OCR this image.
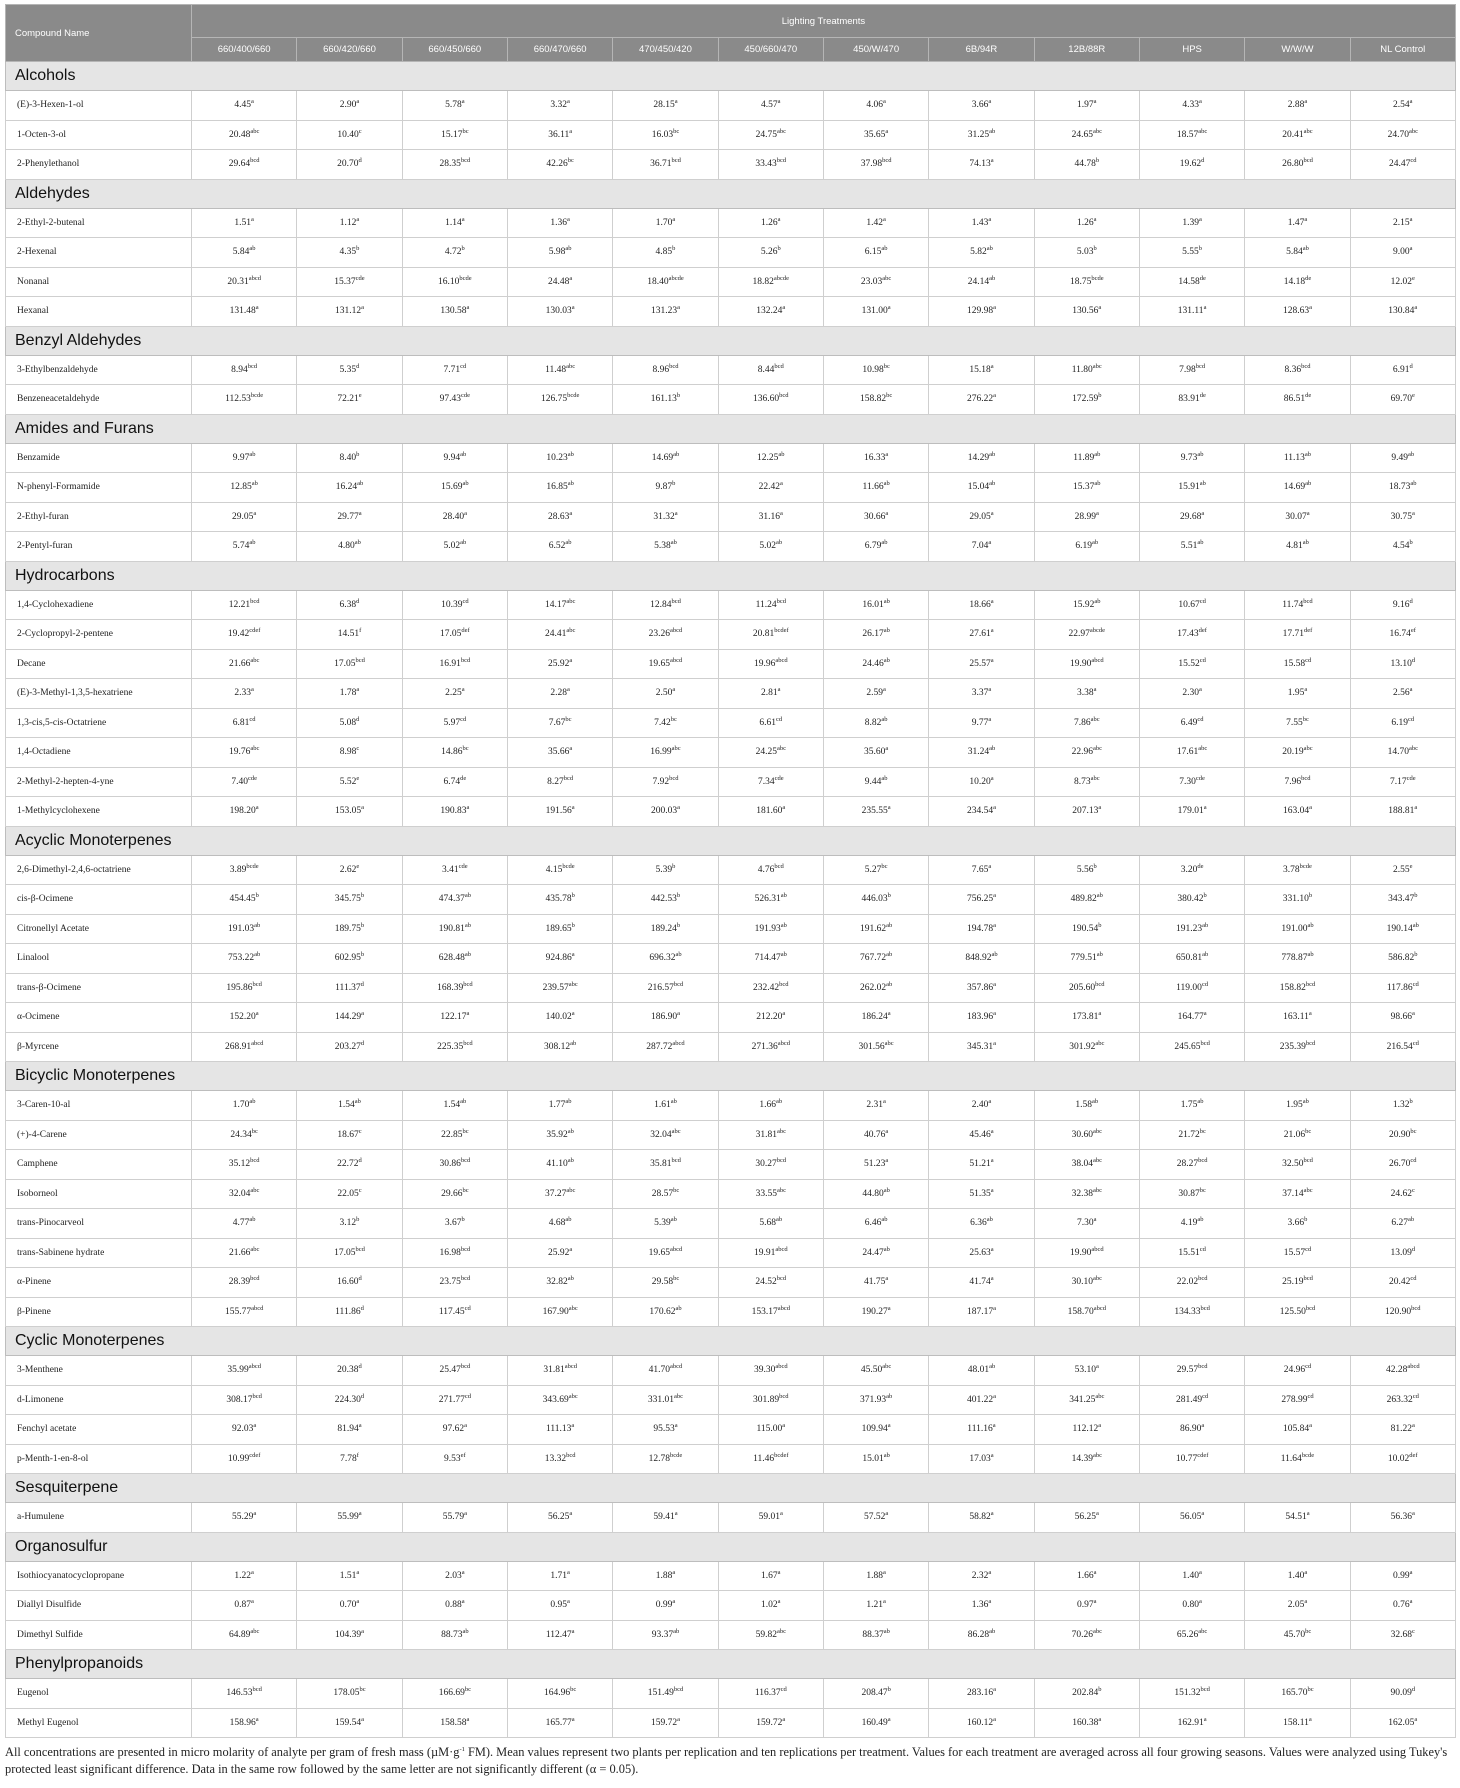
Compound Name	Lighting Treatments											
	660/400/660	660/420/660	660/450/660	660/470/660	470/450/420	450/660/470	450/W/470	6B/94R	12B/88R	HPS	W/W/W	NL Control
Alcohols												
(E)-3-Hexen-1-ol	4.45$^a$	2.90$^a$	5.78$^a$	3.32$^a$	28.15$^a$	4.57$^a$	4.06$^a$	3.66$^a$	1.97$^a$	4.33$^a$	2.88$^a$	2.54$^a$
1-Octen-3-ol	20.48$^{abc}$	10.40$^c$	15.17$^{bc}$	36.11$^a$	16.03$^{bc}$	24.75$^{abc}$	35.65$^a$	31.25$^{ab}$	24.65$^{abc}$	18.57$^{abc}$	20.41$^{abc}$	24.70$^{abc}$
2-Phenylethanol	29.64$^{bcd}$	20.70$^d$	28.35$^{bcd}$	42.26$^{bc}$	36.71$^{bcd}$	33.43$^{bcd}$	37.98$^{bcd}$	74.13$^a$	44.78$^b$	19.62$^d$	26.80$^{bcd}$	24.47$^{cd}$
Aldehydes												
2-Ethyl-2-butenal	1.51$^a$	1.12$^a$	1.14$^a$	1.36$^a$	1.70$^a$	1.26$^a$	1.42$^a$	1.43$^a$	1.26$^a$	1.39$^a$	1.47$^a$	2.15$^a$
2-Hexenal	5.84$^{ab}$	4.35$^b$	4.72$^b$	5.98$^{ab}$	4.85$^b$	5.26$^b$	6.15$^{ab}$	5.82$^{ab}$	5.03$^b$	5.55$^b$	5.84$^{ab}$	9.00$^a$
Nonanal	$20.31^{abcd}$	15.37$^{cde}$	$16.10^{bcde}$	24.48$^a$	$18.40^{abcde}$	$18.82^{abcde}$	23.03$^{abc}$	24.14$^{ab}$	$18.75^{bcde}$	14.58de	14.18de	12.02e
Hexanal	131.48$^a$	131.12$^a$	130.58$^a$	130.03$^a$	131.23$^a$	132.24$^a$	131.00$^a$	129.98$^a$	130.56$^a$	131.11$^a$	128.63$^a$	130.84$^a$
Benzyl Aldehydes												
3-Ethylbenzaldehyde	8.94$^{bcd}$	5.35$^d$	7.71$^{cd}$	11.48$^{abc}$	8.96$^{bcd}$	8.44$^{bcd}$	10.98$^{bc}$	15.18$^a$	11.80$^{abc}$	7.98$^{bcd}$	8.36$^{bcd}$	6.91$^d$
Benzeneacetaldehyde	$112.53^{bcde}$	72.21e	97.43$^{cde}$	$126.75^{bcde}$	161.13$^b$	136.60$^{bcd}$	158.82$^{bc}$	276.22$^a$	172.59$^b$	83.91de	86.51de	69.70e
Amides and Furans												
Benzamide	9.97$^{ab}$	8.40$^b$	9.94$^{ab}$	10.23$^{ab}$	14.69$^{ab}$	12.25$^{ab}$	16.33$^a$	14.29$^{ab}$	11.89$^{ab}$	9.73$^{ab}$	11.13$^{ab}$	9.49$^{ab}$
N-phenyl-Formamide	12.85$^{ab}$	16.24$^{ab}$	15.69$^{ab}$	16.85$^{ab}$	9.87$^b$	22.42$^a$	11.66$^{ab}$	15.04$^{ab}$	15.37$^{ab}$	15.91$^{ab}$	14.69$^{ab}$	18.73$^{ab}$
2-Ethyl-furan	29.05$^a$	29.77$^a$	28.40$^a$	28.63$^a$	31.32$^a$	31.16$^a$	30.66$^a$	29.05$^a$	28.99$^a$	29.68$^a$	30.07$^a$	30.75$^a$
2-Pentyl-furan	5.74$^{ab}$	4.80$^{ab}$	5.02$^{ab}$	6.52$^{ab}$	5.38$^{ab}$	5.02$^{ab}$	6.79$^{ab}$	7.04$^a$	6.19$^{ab}$	5.51$^{ab}$	4.81$^{ab}$	4.54$^b$
Hydrocarbons												
1,4-Cyclohexadiene	12.21$^{bcd}$	6.38$^d$	10.39$^{cd}$	14.17$^{abc}$	12.84$^{bcd}$	11.24$^{bcd}$	16.01$^{ab}$	18.66$^a$	15.92$^{ab}$	10.67$^{cd}$	11.74$^{bcd}$	9.16$^d$
2-Cyclopropyl-2-pentene	$19.42^{cdef}$	14.51$^f$	17.05$^{def}$	24.41$^{abc}$	$23.26^{abcd}$	$20.81^{bcdef}$	26.17$^{ab}$	27.61$^a$	$22.97^{abcde}$	17.43$^{def}$	17.71$^{def}$	16.74$^{ef}$
Decane	21.66$^{abc}$	17.05$^{bcd}$	16.91$^{bcd}$	25.92$^a$	$19.65^{abcd}$	$19.96^{abcd}$	24.46$^{ab}$	25.57$^a$	$19.90^{abcd}$	15.52$^{cd}$	15.58$^{cd}$	13.10$^d$
(E)-3-Methyl-1,3,5-hexatriene	2.33$^a$	1.78$^a$	2.25$^a$	2.28$^a$	2.50$^a$	2.81$^a$	2.59$^a$	3.37$^a$	3.38$^a$	2.30$^a$	1.95$^a$	2.56$^a$
1,3-cis,5-cis-Octatriene	6.81$^{cd}$	5.08$^d$	5.97$^{cd}$	7.67$^{bc}$	7.42$^{bc}$	6.61$^{cd}$	8.82$^{ab}$	9.77$^a$	7.86$^{abc}$	6.49$^{cd}$	7.55$^{bc}$	6.19$^{cd}$
1,4-Octadiene	19.76$^{abc}$	8.98$^c$	14.86$^{bc}$	35.66$^a$	16.99$^{abc}$	24.25$^{abc}$	35.60$^a$	31.24$^{ab}$	22.96$^{abc}$	17.61$^{abc}$	20.19$^{abc}$	14.70$^{abc}$
2-Methyl-2-hepten-4-yne	7.40$^{cde}$	5.52e	6.74de	8.27$^{bcd}$	7.92$^{bcd}$	7.34$^{cde}$	9.44$^{ab}$	10.20$^a$	8.73$^{abc}$	7.30$^{cde}$	7.96$^{bcd}$	7.17$^{cde}$
1-Methylcyclohexene	198.20$^a$	153.05$^a$	190.83$^a$	191.56$^a$	200.03$^a$	181.60$^a$	235.55$^a$	234.54$^a$	207.13$^a$	179.01$^a$	163.04$^a$	188.81$^a$
Acyclic Monoterpenes												
2,6-Dimethyl-2,4,6-octatriene	$3.89^{bcde}$	2.62e	3.41$^{cde}$	$4.15^{bcde}$	5.39$^b$	4.76$^{bcd}$	5.27$^{bc}$	7.65$^a$	5.56$^b$	3.20de	$3.78^{bcde}$	2.55e
cis-β-Ocimene	454.45$^b$	345.75$^b$	474.37$^{ab}$	435.78$^b$	442.53$^b$	526.31$^{ab}$	446.03$^b$	756.25$^a$	489.82$^{ab}$	380.42$^b$	331.10$^b$	343.47$^b$
Citronellyl Acetate	191.03$^{ab}$	189.75$^b$	190.81$^{ab}$	189.65$^b$	189.24$^b$	191.93$^{ab}$	191.62$^{ab}$	194.78$^a$	190.54$^b$	191.23$^{ab}$	191.00$^{ab}$	190.14$^{ab}$
Linalool	753.22$^{ab}$	602.95$^b$	628.48$^{ab}$	924.86$^a$	696.32$^{ab}$	714.47$^{ab}$	767.72$^{ab}$	848.92$^{ab}$	779.51$^{ab}$	650.81$^{ab}$	778.87$^{ab}$	586.82$^b$
trans-β-Ocimene	195.86$^{bcd}$	111.37$^d$	168.39$^{bcd}$	239.57$^{abc}$	216.57$^{bcd}$	232.42$^{bcd}$	262.02$^{ab}$	357.86$^a$	205.60$^{bcd}$	119.00$^{cd}$	158.82$^{bcd}$	117.86$^{cd}$
α-Ocimene	152.20$^a$	144.29$^a$	122.17$^a$	140.02$^a$	186.90$^a$	212.20$^a$	186.24$^a$	183.96$^a$	173.81$^a$	164.77$^a$	163.11$^a$	98.66$^a$
β-Myrcene	$268.91^{abcd}$	203.27$^d$	225.35$^{bcd}$	308.12$^{ab}$	$287.72^{abcd}$	$271.36^{abcd}$	301.56$^{abc}$	345.31$^a$	301.92$^{abc}$	245.65$^{bcd}$	235.39$^{bcd}$	216.54$^{cd}$
Bicyclic Monoterpenes												
3-Caren-10-al	1.70$^{ab}$	1.54$^{ab}$	1.54$^{ab}$	1.77$^{ab}$	1.61$^{ab}$	1.66$^{ab}$	2.31$^a$	2.40$^a$	1.58$^{ab}$	1.75$^{ab}$	1.95$^{ab}$	1.32$^b$
(+)-4-Carene	24.34$^{bc}$	18.67$^c$	22.85$^{bc}$	35.92$^{ab}$	32.04$^{abc}$	31.81$^{abc}$	40.76$^a$	45.46$^a$	30.60$^{abc}$	21.72$^{bc}$	21.06$^{bc}$	20.90$^{bc}$
Camphene	35.12$^{bcd}$	22.72$^d$	30.86$^{bcd}$	41.10$^{ab}$	35.81$^{bcd}$	30.27$^{bcd}$	51.23$^a$	51.21$^a$	38.04$^{abc}$	28.27$^{bcd}$	32.50$^{bcd}$	26.70$^{cd}$
Isoborneol	32.04$^{abc}$	22.05$^c$	29.66$^{bc}$	37.27$^{abc}$	28.57$^{bc}$	33.55$^{abc}$	44.80$^{ab}$	51.35$^a$	32.38$^{abc}$	30.87$^{bc}$	37.14$^{abc}$	24.62$^c$
trans-Pinocarveol	4.77$^{ab}$	3.12$^b$	3.67$^b$	4.68$^{ab}$	5.39$^{ab}$	5.68$^{ab}$	6.46$^{ab}$	6.36$^{ab}$	7.30$^a$	4.19$^{ab}$	3.66$^b$	6.27$^{ab}$
trans-Sabinene hydrate	21.66$^{abc}$	17.05$^{bcd}$	16.98$^{bcd}$	25.92$^a$	$19.65^{abcd}$	$19.91^{abcd}$	24.47$^{ab}$	25.63$^a$	$19.90^{abcd}$	15.51$^{cd}$	15.57$^{cd}$	13.09$^d$
α-Pinene	28.39$^{bcd}$	16.60$^d$	23.75$^{bcd}$	32.82$^{ab}$	29.58$^{bc}$	24.52$^{bcd}$	41.75$^a$	41.74$^a$	30.10$^{abc}$	22.02$^{bcd}$	25.19$^{bcd}$	20.42$^{cd}$
β-Pinene	$155.77^{abcd}$	111.86$^d$	117.45$^{cd}$	167.90$^{abc}$	170.62$^{ab}$	$153.17^{abcd}$	190.27$^a$	187.17$^a$	$158.70^{abcd}$	134.33$^{bcd}$	125.50$^{bcd}$	120.90$^{bcd}$
Cyclic Monoterpenes												
3-Menthene	$35.99^{abcd}$	20.38$^d$	25.47$^{bcd}$	$31.81^{abcd}$	$41.70^{abcd}$	$39.30^{abcd}$	45.50$^{abc}$	48.01$^{ab}$	53.10$^a$	29.57$^{bcd}$	24.96$^{cd}$	$42.28^{abcd}$
d-Limonene	308.17$^{bcd}$	224.30$^d$	271.77$^{cd}$	343.69$^{abc}$	331.01$^{abc}$	301.89$^{bcd}$	371.93$^{ab}$	401.22$^a$	341.25$^{abc}$	281.49$^{cd}$	278.99$^{cd}$	263.32$^{cd}$
Fenchyl acetate	92.03$^a$	81.94$^a$	97.62$^a$	111.13$^a$	95.53$^a$	115.00$^a$	109.94$^a$	111.16$^a$	112.12$^a$	86.90$^a$	105.84$^a$	81.22$^a$
p-Menth-1-en-8-ol	$10.99^{cdef}$	7.78$^f$	9.53$^{ef}$	13.32$^{bcd}$	$12.78^{bcde}$	$11.46^{bcdef}$	15.01$^{ab}$	17.03$^a$	14.39$^{abc}$	$10.77^{cdef}$	$11.64^{bcde}$	10.02$^{def}$
Sesquiterpene												
a-Humulene	55.29$^a$	55.99$^a$	55.79$^a$	56.25$^a$	59.41$^a$	59.01$^a$	57.52$^a$	58.82$^a$	56.25$^a$	56.05$^a$	54.51$^a$	56.36$^a$
Organosulfur												
Isothiocyanatocyclopropane	1.22$^a$	1.51$^a$	2.03$^a$	1.71$^a$	1.88$^a$	1.67$^a$	1.88$^a$	2.32$^a$	1.66$^a$	1.40$^a$	1.40$^a$	0.99$^a$
Diallyl Disulfide	0.87$^a$	0.70$^a$	0.88$^a$	0.95$^a$	0.99$^a$	1.02$^a$	1.21$^a$	1.36$^a$	0.97$^a$	0.80$^a$	2.05$^a$	0.76$^a$
Dimethyl Sulfide	64.89$^{abc}$	104.39$^a$	88.73$^{ab}$	112.47$^a$	93.37$^{ab}$	59.82$^{abc}$	88.37$^{ab}$	86.28$^{ab}$	70.26$^{abc}$	65.26$^{abc}$	45.70$^{bc}$	32.68$^c$
Phenylpropanoids												
Eugenol	146.53$^{bcd}$	178.05$^{bc}$	166.69$^{bc}$	164.96$^{bc}$	151.49$^{bcd}$	116.37$^{cd}$	208.47$^b$	283.16$^a$	202.84$^b$	151.32$^{bcd}$	165.70$^{bc}$	90.09$^d$
Methyl Eugenol	158.96$^a$	159.54$^a$	158.58$^a$	165.77$^a$	159.72$^a$	159.72$^a$	160.49$^a$	160.12$^a$	160.38$^a$	162.91$^a$	158.11$^a$	162.05$^a$
All concentrations are presented in micro molarity of analyte per gram of fresh mass ($\mu M\cdot g^{-1}$ FM). Mean values represent two plants per replication and ten replications per treatment. Values for each treatment are averaged across all four growing seasons. Values were analyzed using Tukey's protected least significant difference. Data in the same row followed by the same letter are not significantly different (α = 0.05).
